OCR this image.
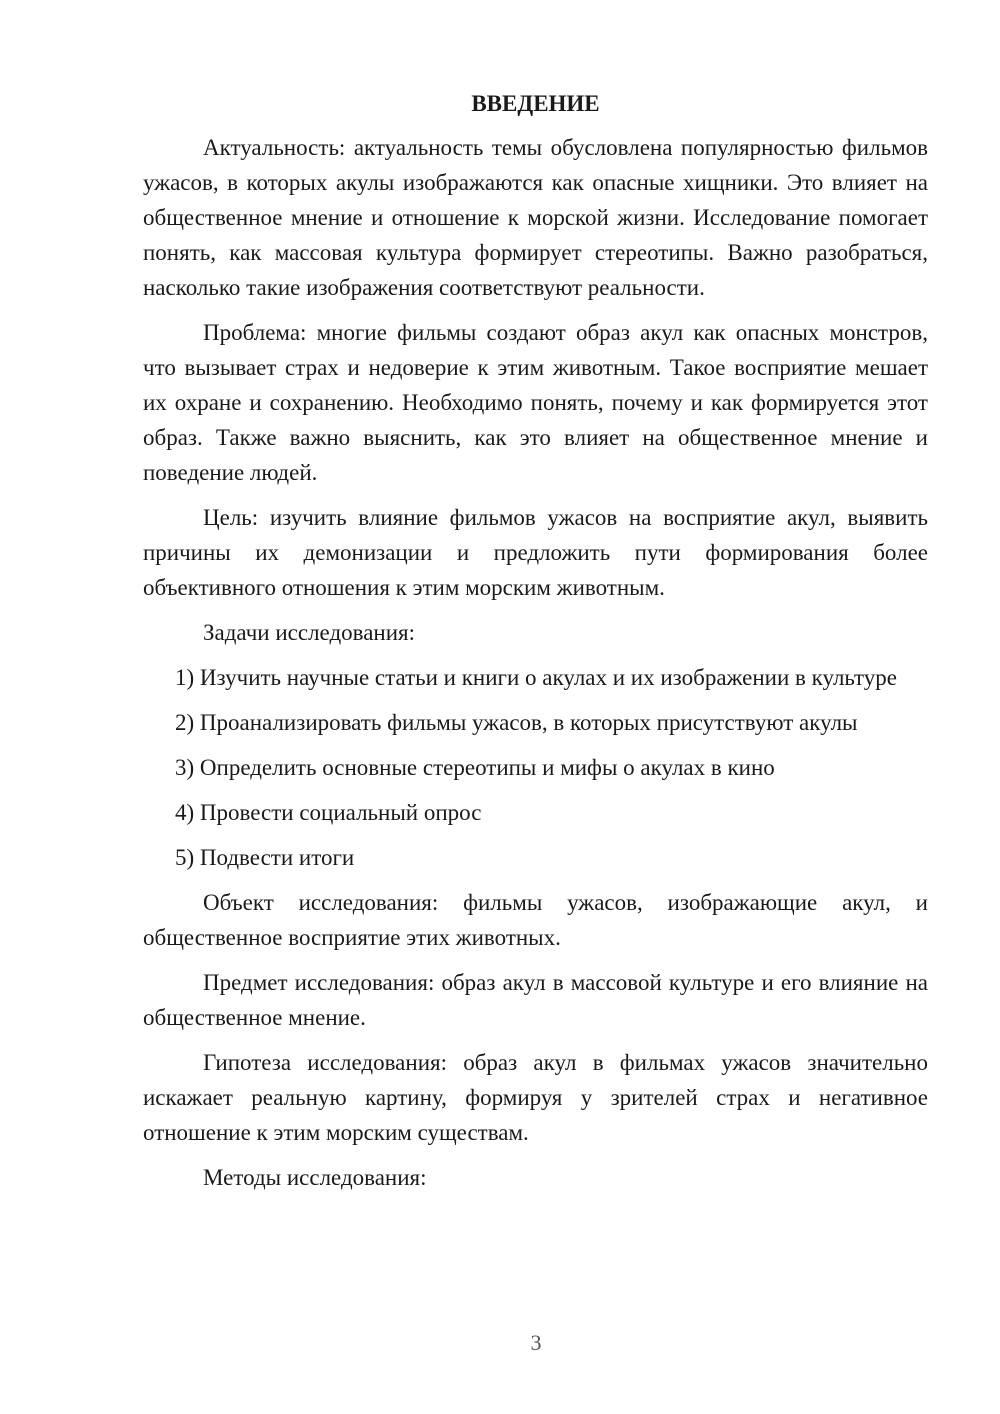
ВВЕДЕНИЕ

Актуальность: актуальность темы обусловлена популярностью фильмов ужасов, в которых акулы изображаются как опасные хищники. Это влияет на общественное мнение и отношение к морской жизни. Исследование помогает понять, как массовая культура формирует стереотипы. Важно разобраться, насколько такие изображения соответствуют реальности.

Проблема: многие фильмы создают образ акул как опасных монстров, что вызывает страх и недоверие к этим животным. Такое восприятие мешает их охране и сохранению. Необходимо понять, почему и как формируется этот образ. Также важно выяснить, как это влияет на общественное мнение и поведение людей.

Цель: изучить влияние фильмов ужасов на восприятие акул, выявить причины их демонизации и предложить пути формирования более объективного отношения к этим морским животным.

Задачи исследования:

1) Изучить научные статьи и книги о акулах и их изображении в культуре

2) Проанализировать фильмы ужасов, в которых присутствуют акулы

3) Определить основные стереотипы и мифы о акулах в кино

4) Провести социальный опрос

5) Подвести итоги

Объект исследования: фильмы ужасов, изображающие акул, и общественное восприятие этих животных.

Предмет исследования: образ акул в массовой культуре и его влияние на общественное мнение.

Гипотеза исследования: образ акул в фильмах ужасов значительно искажает реальную картину, формируя у зрителей страх и негативное отношение к этим морским существам.

Методы исследования:

3
